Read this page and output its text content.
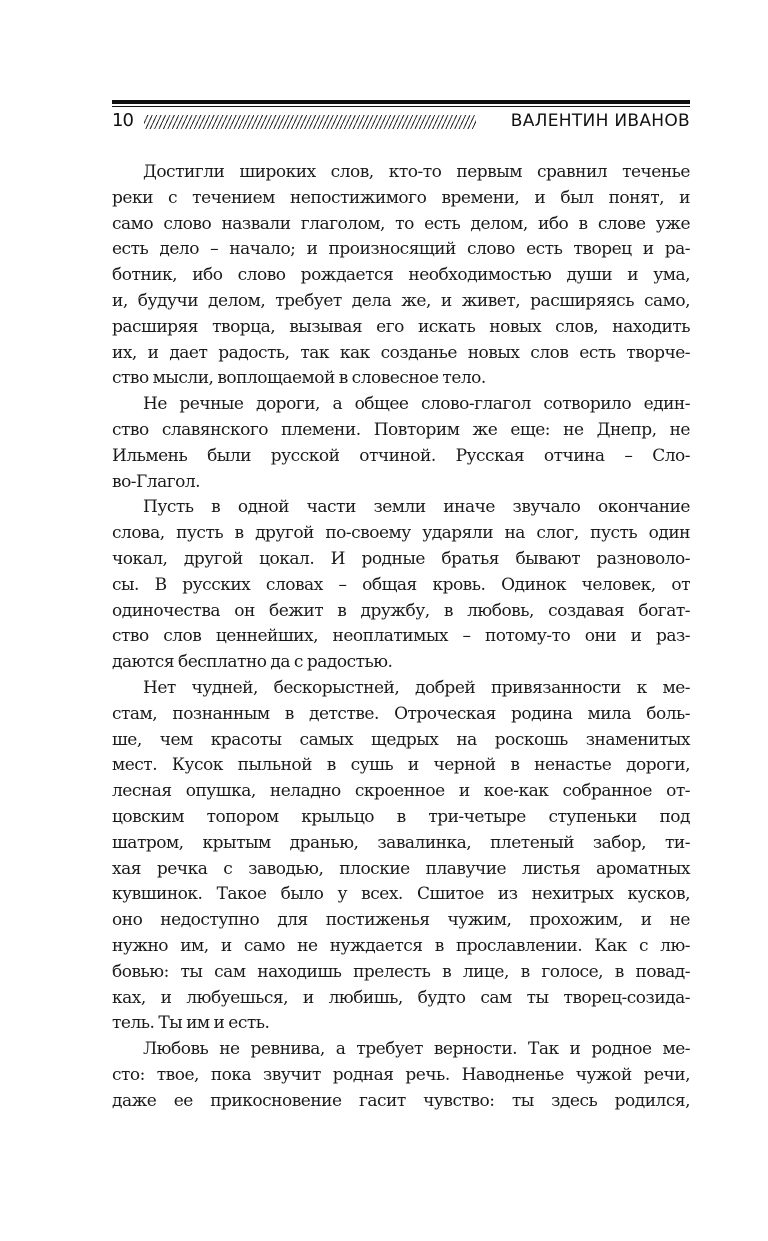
10	ВАЛЕНТИН ИВАНОВ

Достигли широких слов, кто-то первым сравнил теченье
реки с течением непостижимого времени, и был понят, и
само слово назвали глаголом, то есть делом, ибо в слове уже
есть дело – начало; и произносящий слово есть творец и ра-
ботник, ибо слово рождается необходимостью души и ума,
и, будучи делом, требует дела же, и живет, расширяясь само,
расширяя творца, вызывая его искать новых слов, находить
их, и дает радость, так как созданье новых слов есть творче-
ство мысли, воплощаемой в словесное тело.

Не речные дороги, а общее слово-глагол сотворило един-
ство славянского племени. Повторим же еще: не Днепр, не
Ильмень были русской отчиной. Русская отчина – Сло-
во-Глагол.

Пусть в одной части земли иначе звучало окончание
слова, пусть в другой по-своему ударяли на слог, пусть один
чокал, другой цокал. И родные братья бывают разноволо-
сы. В русских словах – общая кровь. Одинок человек, от
одиночества он бежит в дружбу, в любовь, создавая богат-
ство слов ценнейших, неоплатимых – потому-то они и раз-
даются бесплатно да с радостью.

Нет чудней, бескорыстней, добрей привязанности к ме-
стам, познанным в детстве. Отроческая родина мила боль-
ше, чем красоты самых щедрых на роскошь знаменитых
мест. Кусок пыльной в сушь и черной в ненастье дороги,
лесная опушка, неладно скроенное и кое-как собранное от-
цовским топором крыльцо в три-четыре ступеньки под
шатром, крытым дранью, завалинка, плетеный забор, ти-
хая речка с заводью, плоские плавучие листья ароматных
кувшинок. Такое было у всех. Сшитое из нехитрых кусков,
оно недоступно для постиженья чужим, прохожим, и не
нужно им, и само не нуждается в прославлении. Как с лю-
бовью: ты сам находишь прелесть в лице, в голосе, в повад-
ках, и любуешься, и любишь, будто сам ты творец-созида-
тель. Ты им и есть.

Любовь не ревнива, а требует верности. Так и родное ме-
сто: твое, пока звучит родная речь. Наводненье чужой речи,
даже ее прикосновение гасит чувство: ты здесь родился,
